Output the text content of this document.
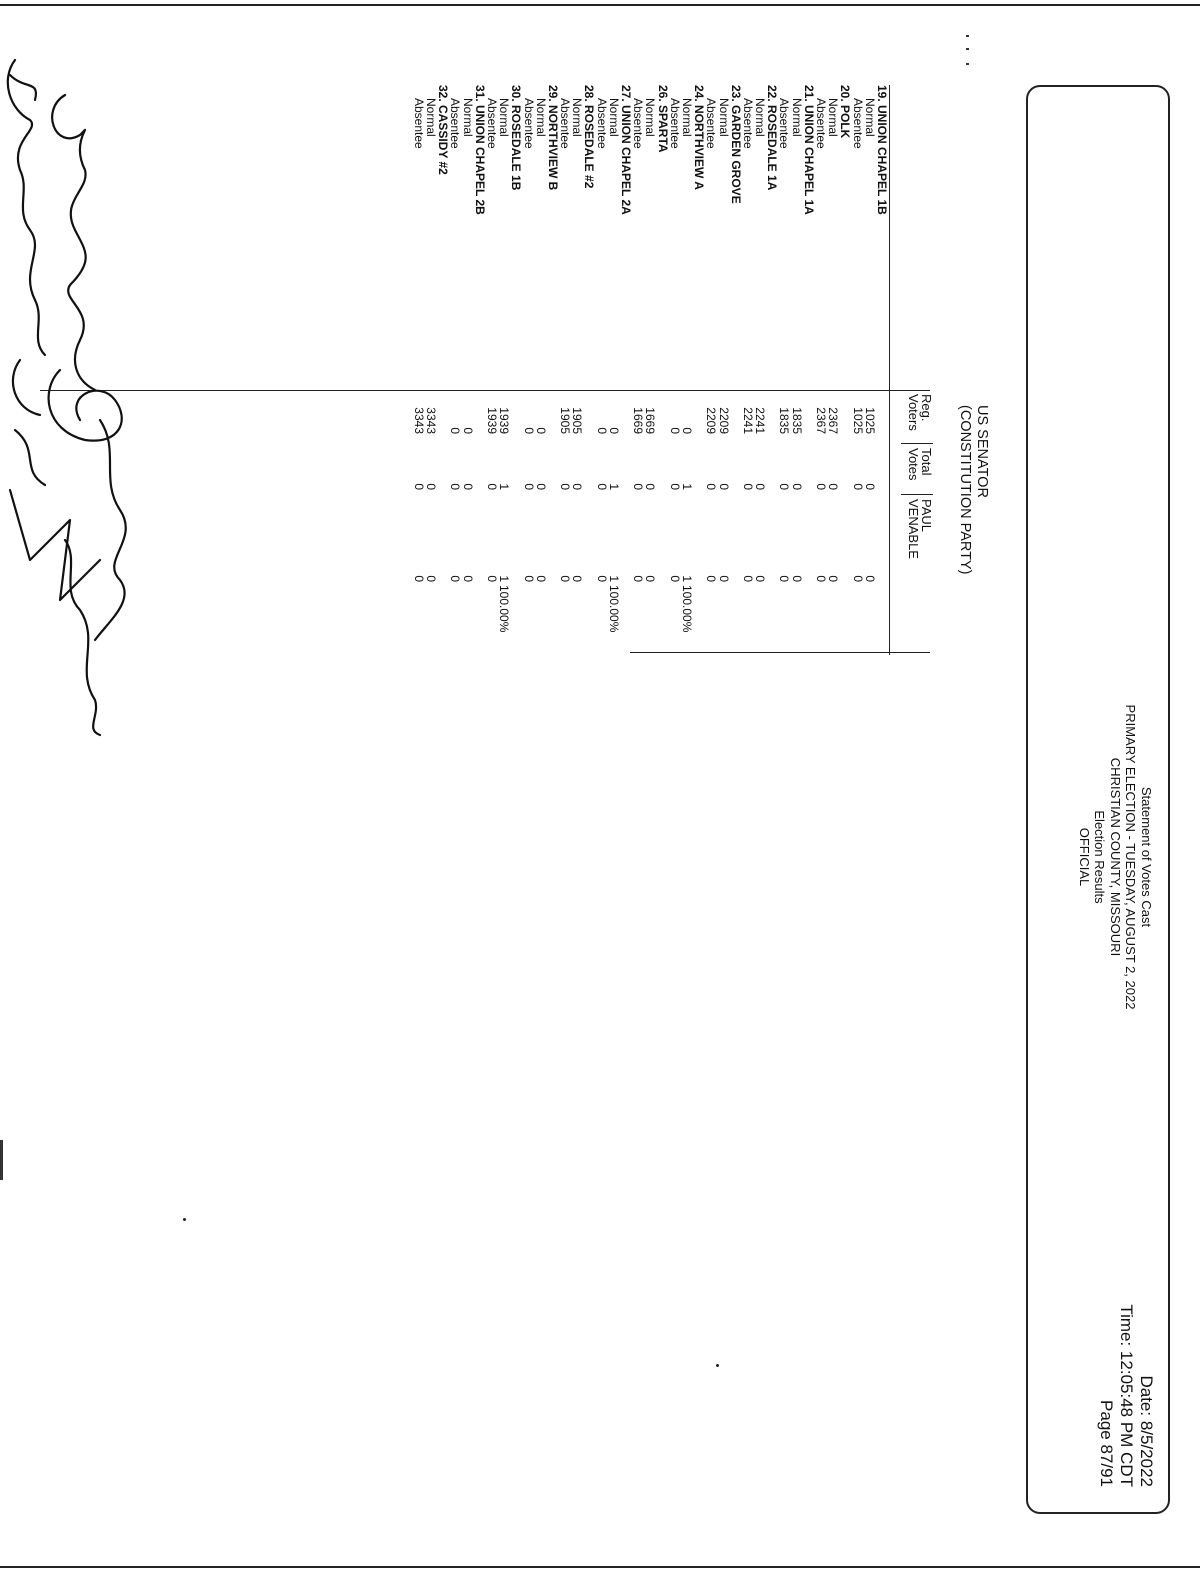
Statement of Votes Cast
PRIMARY ELECTION - TUESDAY, AUGUST 2, 2022
CHRISTIAN COUNTY, MISSOURI
Election Results
OFFICIAL
Date: 8/5/2022
Time: 12:05:48 PM CDT
Page 87/91
US SENATOR
(CONSTITUTION PARTY)
Reg.
Voters
Total
Votes
PAUL
VENABLE
19. UNION CHAPEL 1B
Normal
Absentee
20. POLK
Normal
Absentee
21. UNION CHAPEL 1A
Normal
Absentee
22. ROSEDALE 1A
Normal
Absentee
23. GARDEN GROVE
Normal
Absentee
24. NORTHVIEW A
Normal
Absentee
26. SPARTA
Normal
Absentee
27. UNION CHAPEL 2A
Normal
Absentee
28. ROSEDALE #2
Normal
Absentee
29. NORTHVIEW B
Normal
Absentee
30. ROSEDALE 1B
Normal
Absentee
31. UNION CHAPEL 2B
Normal
Absentee
32. CASSIDY #2
Normal
Absentee
1025
1025
2367
2367
1835
1835
2241
2241
2209
2209
0
0
1669
1669
0
0
1905
1905
0
0
1939
1939
0
0
3343
3343
0
0
0
0
0
0
0
0
0
0
1
0
0
0
1
0
0
0
0
0
1
0
0
0
0
0
0
0
0
0
0
0
0
0
0
0
1
0
0
0
1
0
0
0
0
0
1
0
0
0
0
0
100.00%
100.00%
100.00%
